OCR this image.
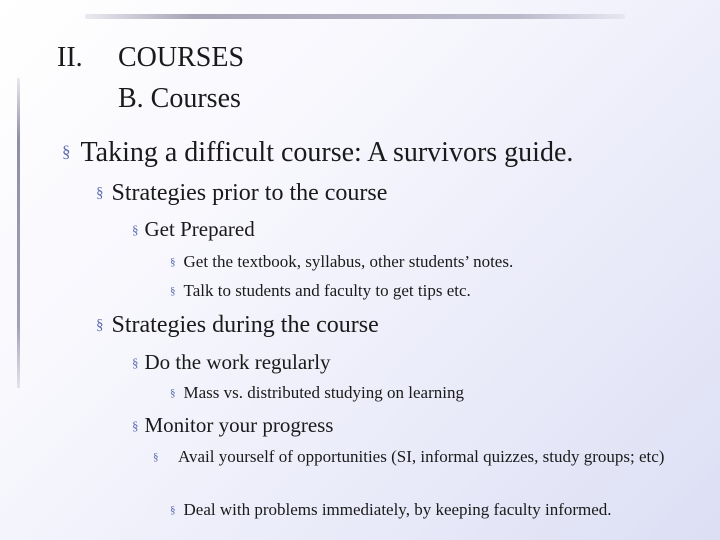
II. COURSES
B. Courses
§ Taking a difficult course: A survivors guide.
§ Strategies prior to the course
§ Get Prepared
§ Get the textbook, syllabus, other students’ notes.
§ Talk to students and faculty to get tips etc.
§ Strategies during the course
§ Do the work regularly
§ Mass vs. distributed studying on learning
§ Monitor your progress
§ Avail yourself of opportunities (SI, informal quizzes, study groups; etc)
§ Deal with problems immediately, by keeping faculty informed.
